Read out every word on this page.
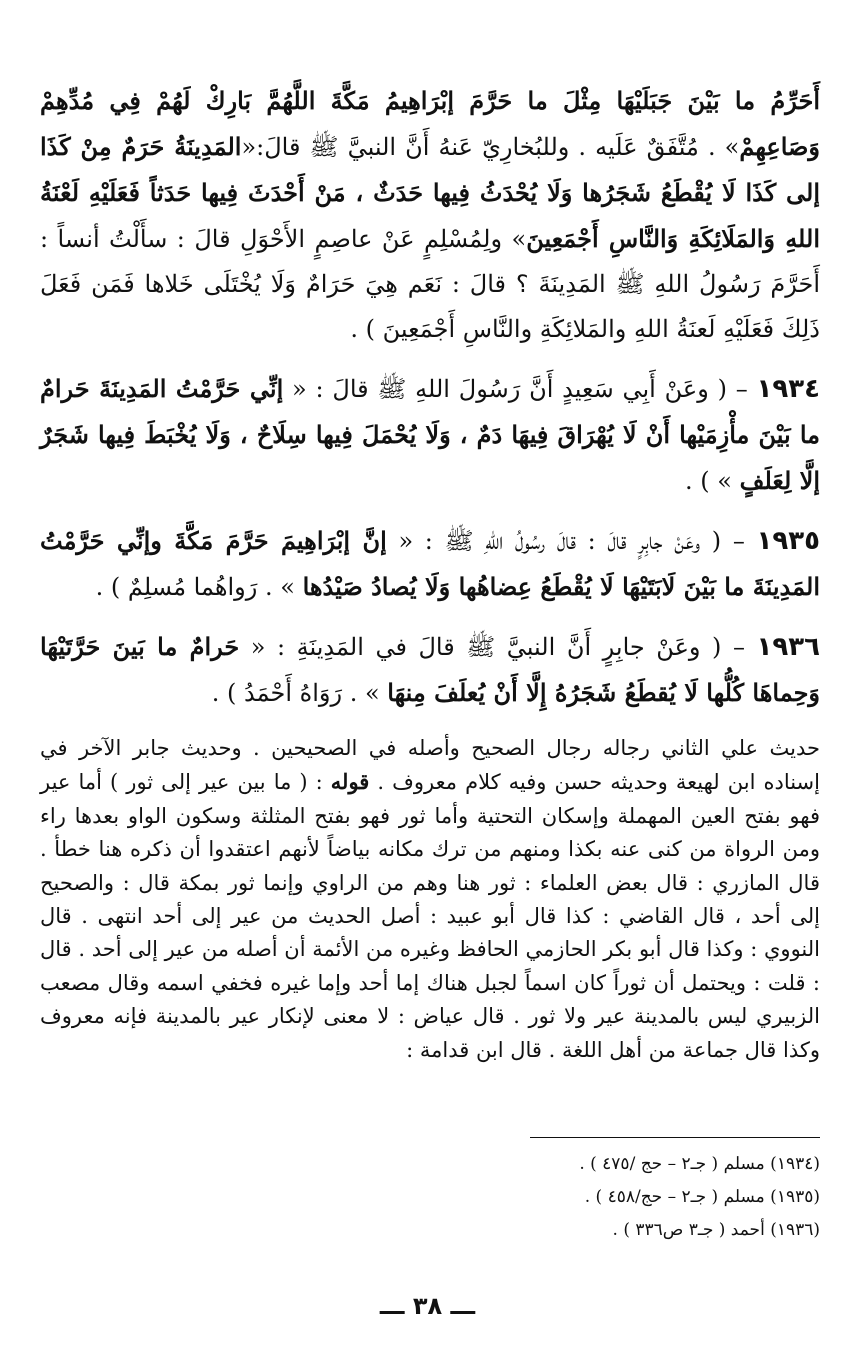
أَحَرِّمُ ما بَيْنَ جَبَلَيْهَا مِثْلَ ما حَرَّمَ إبْرَاهِيمُ مَكَّةَ اللَّهُمَّ بَارِكْ لَهُمْ فِي مُدِّهِمْ وَصَاعِهِمْ» . مُتَّفَقٌ عَلَيه . وللبُخارِيّ عَنهُ أَنَّ النبيَّ ﷺ قالَ:«المَدِينَةُ حَرَمٌ مِنْ كَذَا إلى كَذَا لَا يُقْطَعُ شَجَرُها وَلَا يُحْدَثُ فِيها حَدَثٌ ، مَنْ أَحْدَثَ فِيها حَدَثاً فَعَلَيْهِ لَعْنَةُ اللهِ وَالمَلَائِكَةِ وَالنَّاسِ أَجْمَعِينَ» ولِمُسْلِمٍ عَنْ عاصِمٍ الأَحْوَلِ قالَ : سأَلْتُ أنساً : أَحَرَّمَ رَسُولُ اللهِ ﷺ المَدِينَةَ ؟ قالَ : نَعَم هِيَ حَرَامٌ وَلَا يُخْتَلَى خَلاها فَمَن فَعَلَ ذَلِكَ فَعَلَيْهِ لَعنَةُ اللهِ والمَلائِكَةِ والنَّاسِ أَجْمَعِينَ ) .

١٩٣٤ – ( وعَنْ أَبِي سَعِيدٍ أَنَّ رَسُولَ اللهِ ﷺ قالَ : « إنِّي حَرَّمْتُ المَدِينَةَ حَرامٌ ما بَيْنَ مأْزِمَيْها أَنْ لَا يُهْرَاقَ فِيهَا دَمٌ ، وَلَا يُحْمَلَ فِيها سِلَاحٌ ، وَلَا يُخْبَطَ فِيها شَجَرٌ إلَّا لِعَلَفٍ » ) .

١٩٣٥ – ( وعَنْ جابِرٍ قالَ : قالَ رسُولُ اللهِ ﷺ : « إنَّ إبْرَاهِيمَ حَرَّمَ مَكَّةَ وإنِّي حَرَّمْتُ المَدِينَةَ ما بَيْنَ لَابَتَيْهَا لَا يُقْطَعُ عِضاهُها وَلَا يُصادُ صَيْدُها » . رَواهُما مُسلِمٌ ) .

١٩٣٦ – ( وعَنْ جابِرٍ أَنَّ النبيَّ ﷺ قالَ في المَدِينَةِ : « حَرامٌ ما بَينَ حَرَّتَيْهَا وَحِماهَا كُلُّها لَا يُقطَعُ شَجَرُهُ إِلَّا أَنْ يُعلَفَ مِنهَا » . رَوَاهُ أَحْمَدُ ) .

حديث علي الثاني رجاله رجال الصحيح وأصله في الصحيحين . وحديث جابر الآخر في إسناده ابن لهيعة وحديثه حسن وفيه كلام معروف . قوله : ( ما بين عير إلى ثور ) أما عير فهو بفتح العين المهملة وإسكان التحتية وأما ثور فهو بفتح المثلثة وسكون الواو بعدها راء ومن الرواة من كنى عنه بكذا ومنهم من ترك مكانه بياضاً لأنهم اعتقدوا أن ذكره هنا خطأ . قال المازري : قال بعض العلماء : ثور هنا وهم من الراوي وإنما ثور بمكة قال : والصحيح إلى أحد ، قال القاضي : كذا قال أبو عبيد : أصل الحديث من عير إلى أحد انتهى . قال النووي : وكذا قال أبو بكر الحازمي الحافظ وغيره من الأئمة أن أصله من عير إلى أحد . قال : قلت : ويحتمل أن ثوراً كان اسماً لجبل هناك إما أحد وإما غيره فخفي اسمه وقال مصعب الزبيري ليس بالمدينة عير ولا ثور . قال عياض : لا معنى لإنكار عير بالمدينة فإنه معروف وكذا قال جماعة من أهل اللغة . قال ابن قدامة :

(١٩٣٤) مسلم ( جـ٢ – حج /٤٧٥ ) .
(١٩٣٥) مسلم ( جـ٢ – حج/٤٥٨ ) .
(١٩٣٦) أحمد ( جـ٣ ص٣٣٦ ) .
ـــ ٣٨ ـــ
